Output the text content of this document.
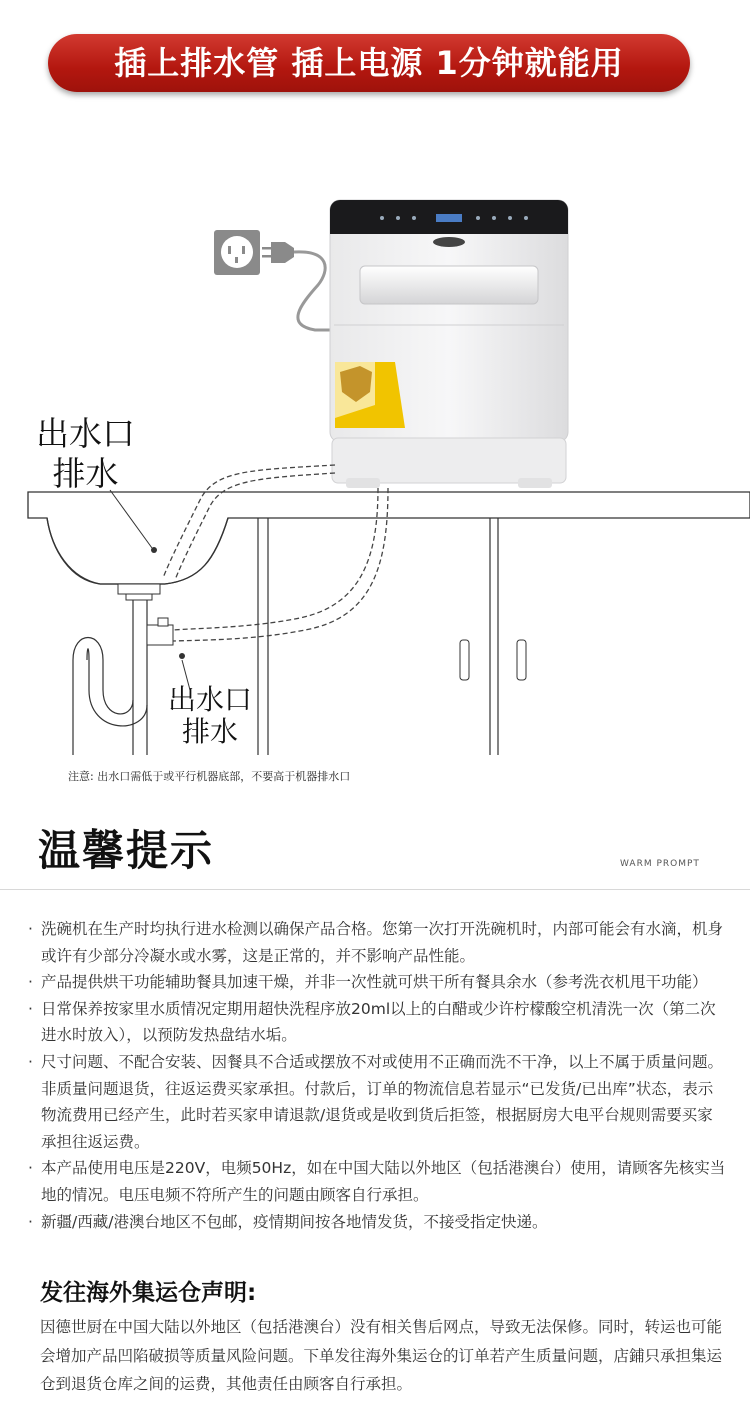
插上排水管 插上电源 1分钟就能用
出水口
排水
出水口
排水
注意: 出水口需低于或平行机器底部，不要高于机器排水口
温馨提示	WARM PROMPT
· 洗碗机在生产时均执行进水检测以确保产品合格。您第一次打开洗碗机时，内部可能会有水滴，机身或许有少部分冷凝水或水雾，这是正常的，并不影响产品性能。
· 产品提供烘干功能辅助餐具加速干燥，并非一次性就可烘干所有餐具余水（参考洗衣机甩干功能）
· 日常保养按家里水质情况定期用超快洗程序放20ml以上的白醋或少许柠檬酸空机清洗一次（第二次进水时放入），以预防发热盘结水垢。
· 尺寸问题、不配合安装、因餐具不合适或摆放不对或使用不正确而洗不干净，以上不属于质量问题。非质量问题退货，往返运费买家承担。付款后，订单的物流信息若显示“已发货/已出库”状态，表示物流费用已经产生，此时若买家申请退款/退货或是收到货后拒签，根据厨房大电平台规则需要买家承担往返运费。
· 本产品使用电压是220V，电频50Hz，如在中国大陆以外地区（包括港澳台）使用，请顾客先核实当地的情况。电压电频不符所产生的问题由顾客自行承担。
· 新疆/西藏/港澳台地区不包邮，疫情期间按各地情发货，不接受指定快递。
发往海外集运仓声明:
因德世厨在中国大陆以外地区（包括港澳台）没有相关售后网点，导致无法保修。同时，转运也可能会增加产品凹陷破损等质量风险问题。下单发往海外集运仓的订单若产生质量问题，店鋪只承担集运仓到退货仓库之间的运费，其他责任由顾客自行承担。
